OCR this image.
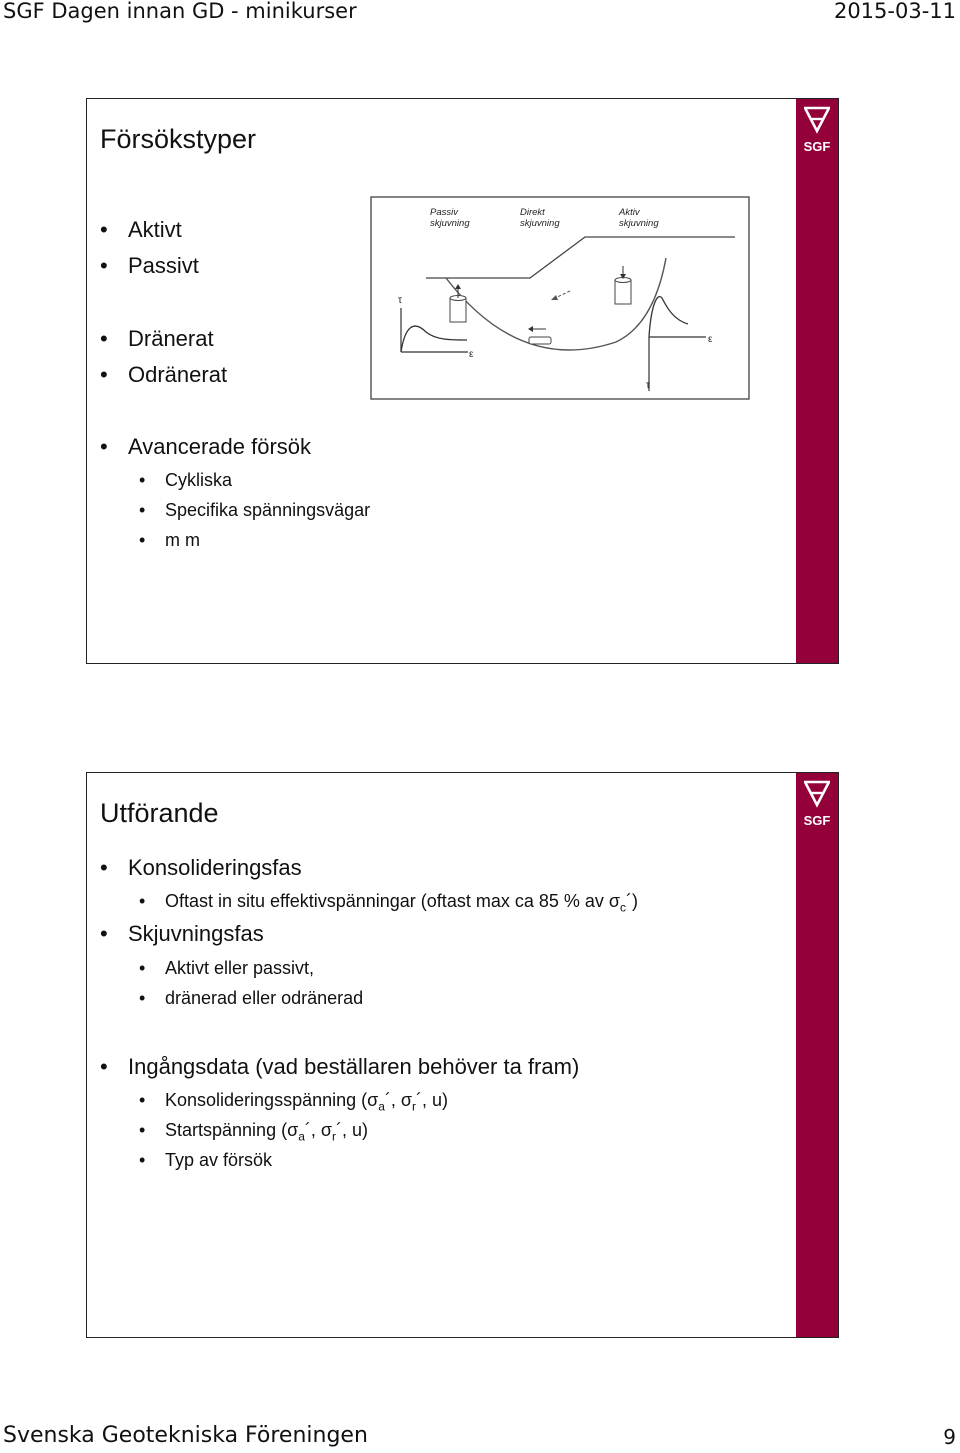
SGF Dagen innan GD - minikurser	2015-03-11
SGF
Försökstyper
• Aktivt
• Passivt
• Dränerat
• Odränerat
• Avancerade försök
• Cykliska
• Specifika spänningsvägar
• m m
Passiv
skjuvning
Direkt
skjuvning
Aktiv
skjuvning
τ
ε
τ
ε
SGF
Utförande
• Konsolideringsfas
• Oftast in situ effektivspänningar (oftast max ca 85 % av $\sigma_c´$)
• Skjuvningsfas
• Aktivt eller passivt,
• dränerad eller odränerad
• Ingångsdata (vad beställaren behöver ta fram)
• Konsolideringsspänning ($\sigma_a´$, $\sigma_r´$, u)
• Startspänning ($\sigma_a´$, $\sigma_r´$, u)
• Typ av försök
Svenska Geotekniska Föreningen	9
